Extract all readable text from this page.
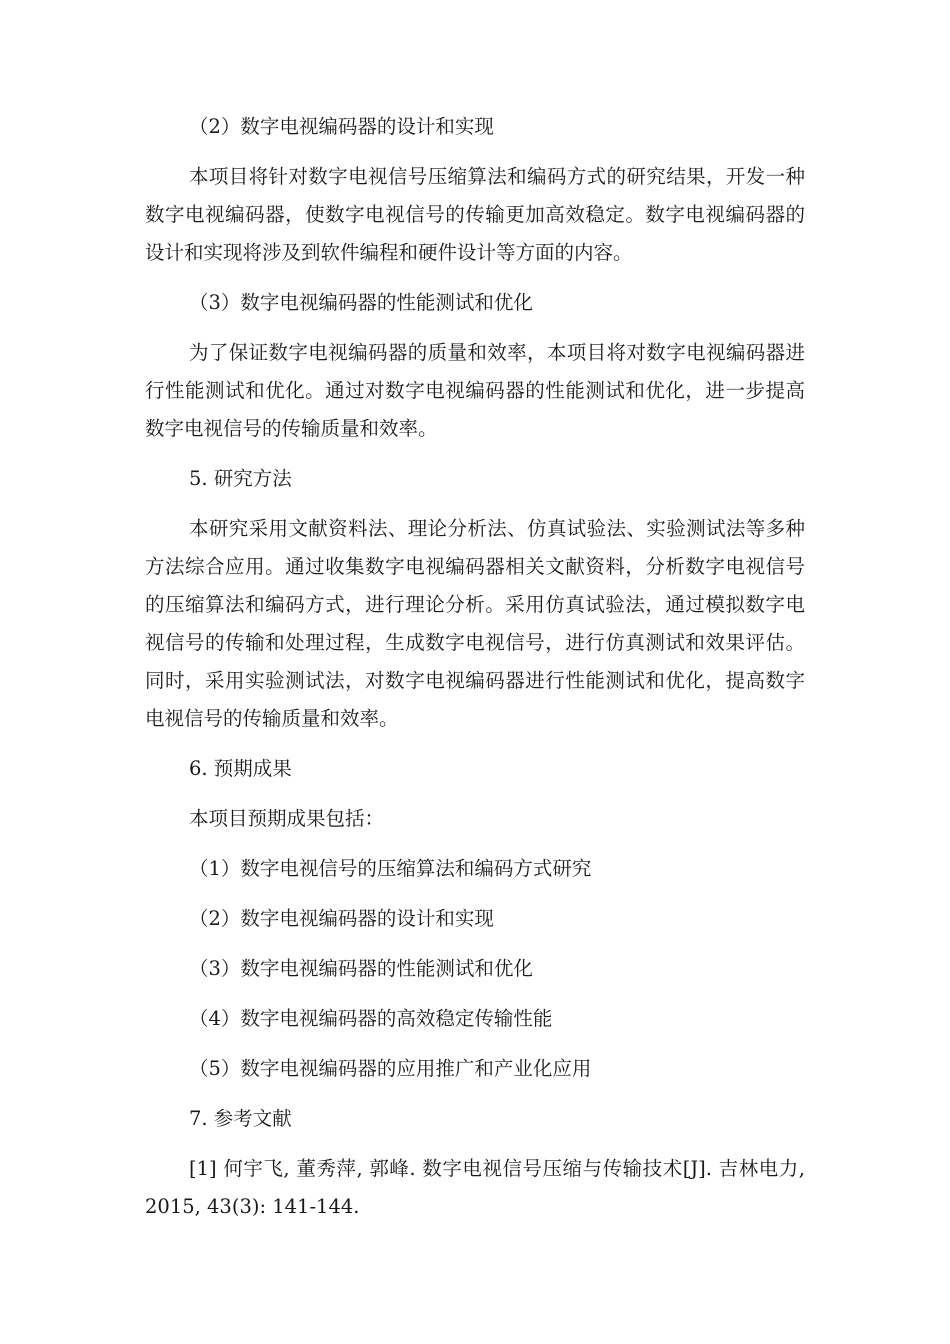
（2）数字电视编码器的设计和实现

本项目将针对数字电视信号压缩算法和编码方式的研究结果，开发一种数字电视编码器，使数字电视信号的传输更加高效稳定。数字电视编码器的设计和实现将涉及到软件编程和硬件设计等方面的内容。

（3）数字电视编码器的性能测试和优化

为了保证数字电视编码器的质量和效率，本项目将对数字电视编码器进行性能测试和优化。通过对数字电视编码器的性能测试和优化，进一步提高数字电视信号的传输质量和效率。

5. 研究方法

本研究采用文献资料法、理论分析法、仿真试验法、实验测试法等多种方法综合应用。通过收集数字电视编码器相关文献资料，分析数字电视信号的压缩算法和编码方式，进行理论分析。采用仿真试验法，通过模拟数字电视信号的传输和处理过程，生成数字电视信号，进行仿真测试和效果评估。同时，采用实验测试法，对数字电视编码器进行性能测试和优化，提高数字电视信号的传输质量和效率。

6. 预期成果

本项目预期成果包括：

（1）数字电视信号的压缩算法和编码方式研究

（2）数字电视编码器的设计和实现

（3）数字电视编码器的性能测试和优化

（4）数字电视编码器的高效稳定传输性能

（5）数字电视编码器的应用推广和产业化应用

7. 参考文献

[1] 何宇飞, 董秀萍, 郭峰. 数字电视信号压缩与传输技术[J]. 吉林电力, 2015, 43(3): 141-144.
